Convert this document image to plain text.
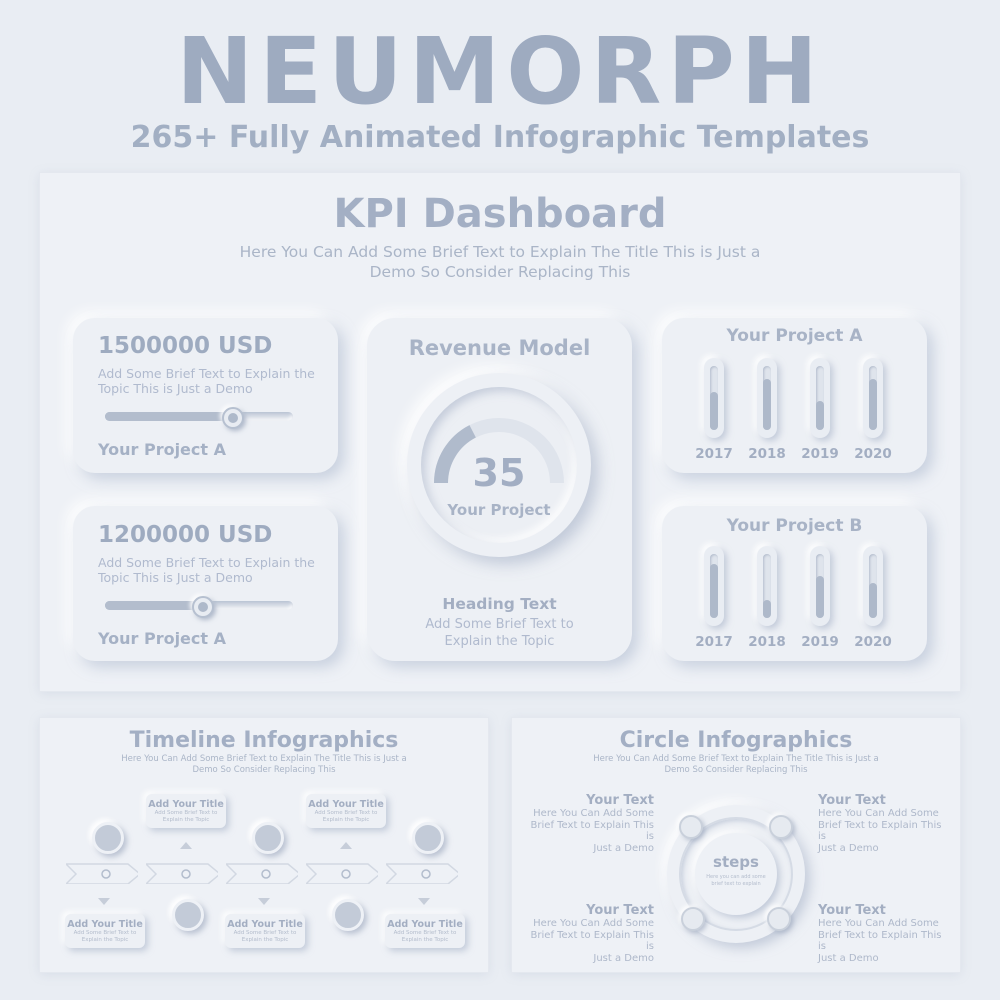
NEUMORPH
265+ Fully Animated Infographic Templates
KPI Dashboard
Here You Can Add Some Brief Text to Explain The Title This is Just a
Demo So Consider Replacing This
1500000 USD
Add Some Brief Text to Explain the
Topic This is Just a Demo
Your Project A
1200000 USD
Add Some Brief Text to Explain the
Topic This is Just a Demo
Your Project A
Revenue Model
35
Your Project
Heading Text
Add Some Brief Text to
Explain the Topic
Your Project A
2017 2018 2019 2020
Your Project B
2017 2018 2019 2020
Timeline Infographics
Here You Can Add Some Brief Text to Explain The Title This is Just a
Demo So Consider Replacing This
Add Your Title
Add Some Brief Text to
Explain the Topic
Add Your Title
Add Some Brief Text to
Explain the Topic
Add Your Title
Add Some Brief Text to
Explain the Topic
Add Your Title
Add Some Brief Text to
Explain the Topic
Add Your Title
Add Some Brief Text to
Explain the Topic
Circle Infographics
Here You Can Add Some Brief Text to Explain The Title This is Just a
Demo So Consider Replacing This
steps
Here you can add some
brief text to explain
Your Text
Here You Can Add Some
Brief Text to Explain This is
Just a Demo
Your Text
Here You Can Add Some
Brief Text to Explain This is
Just a Demo
Your Text
Here You Can Add Some
Brief Text to Explain This is
Just a Demo
Your Text
Here You Can Add Some
Brief Text to Explain This is
Just a Demo
